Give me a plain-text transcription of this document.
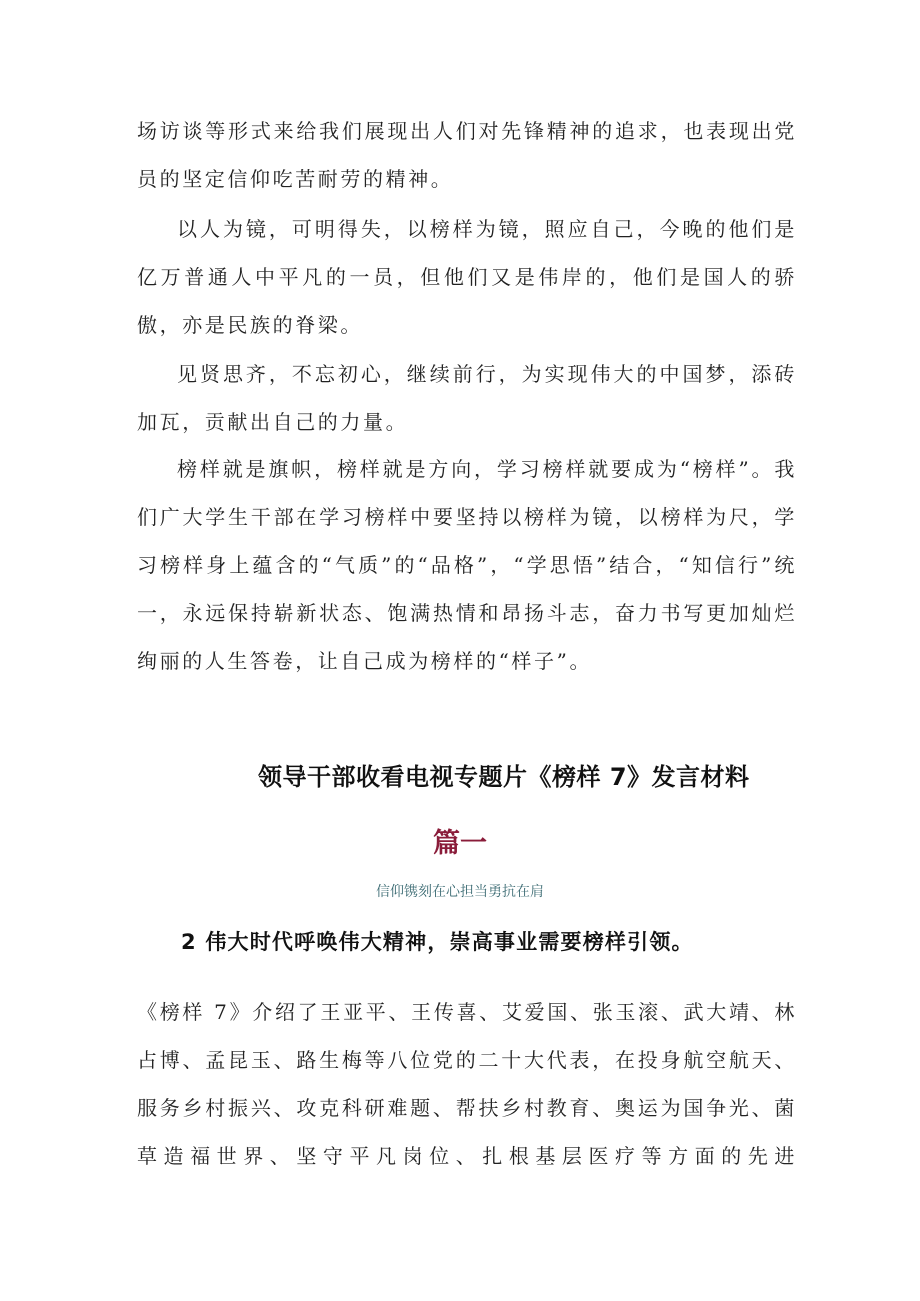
场访谈等形式来给我们展现出人们对先锋精神的追求，也表现出党员的坚定信仰吃苦耐劳的精神。

以人为镜，可明得失，以榜样为镜，照应自己，今晚的他们是亿万普通人中平凡的一员，但他们又是伟岸的，他们是国人的骄傲，亦是民族的脊梁。

见贤思齐，不忘初心，继续前行，为实现伟大的中国梦，添砖加瓦，贡献出自己的力量。

榜样就是旗帜，榜样就是方向，学习榜样就要成为“榜样”。我们广大学生干部在学习榜样中要坚持以榜样为镜，以榜样为尺，学习榜样身上蕴含的“气质”的“品格”，“学思悟”结合，“知信行”统一，永远保持崭新状态、饱满热情和昂扬斗志，奋力书写更加灿烂绚丽的人生答卷，让自己成为榜样的“样子”。

领导干部收看电视专题片《榜样 7》发言材料
篇一
信仰镌刻在心担当勇抗在肩
2 伟大时代呼唤伟大精神，崇高事业需要榜样引领。

《榜样 7》介绍了王亚平、王传喜、艾爱国、张玉滚、武大靖、林占博、孟昆玉、路生梅等八位党的二十大代表，在投身航空航天、服务乡村振兴、攻克科研难题、帮扶乡村教育、奥运为国争光、菌草造福世界、坚守平凡岗位、扎根基层医疗等方面的先进
